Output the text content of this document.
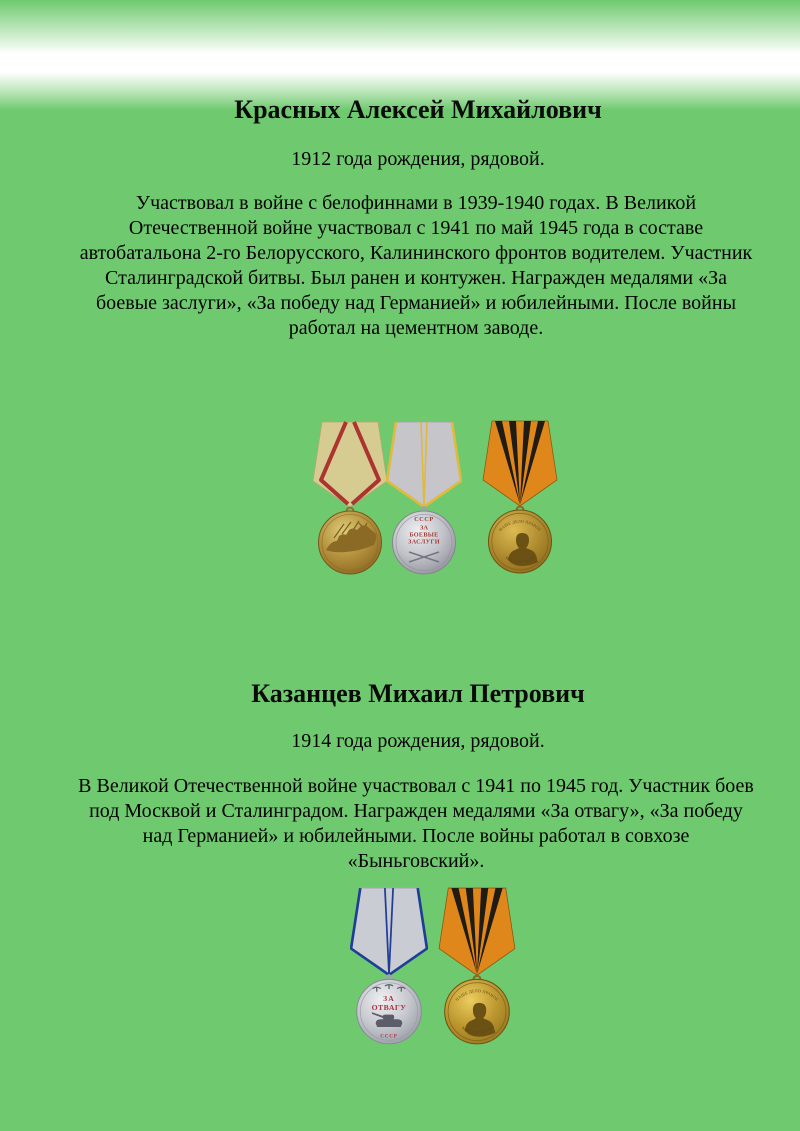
Красных Алексей Михайлович
1912 года рождения, рядовой.
Участвовал в войне с белофиннами в 1939-1940 годах. В Великой Отечественной войне участвовал с 1941 по май 1945 года в составе автобатальона 2-го Белорусского, Калининского фронтов водителем. Участник Сталинградской битвы. Был ранен и контужен. Награжден медалями «За боевые заслуги», «За победу над Германией» и юбилейными. После войны работал на цементном заводе.
СССР
ЗА
БОЕВЫЕ
ЗАСЛУГИ
НАШЕ ДЕЛО ПРАВОЕ
МЫ ПОБЕДИЛИ
Казанцев Михаил Петрович
1914 года рождения, рядовой.
В Великой Отечественной войне участвовал с 1941 по 1945 год. Участник боев под Москвой и Сталинградом. Награжден медалями «За отвагу», «За победу над Германией» и юбилейными. После войны работал в совхозе «Быньговский».
ЗА
ОТВАГУ
СССР
НАШЕ ДЕЛО ПРАВОЕ
МЫ ПОБЕДИЛИ
